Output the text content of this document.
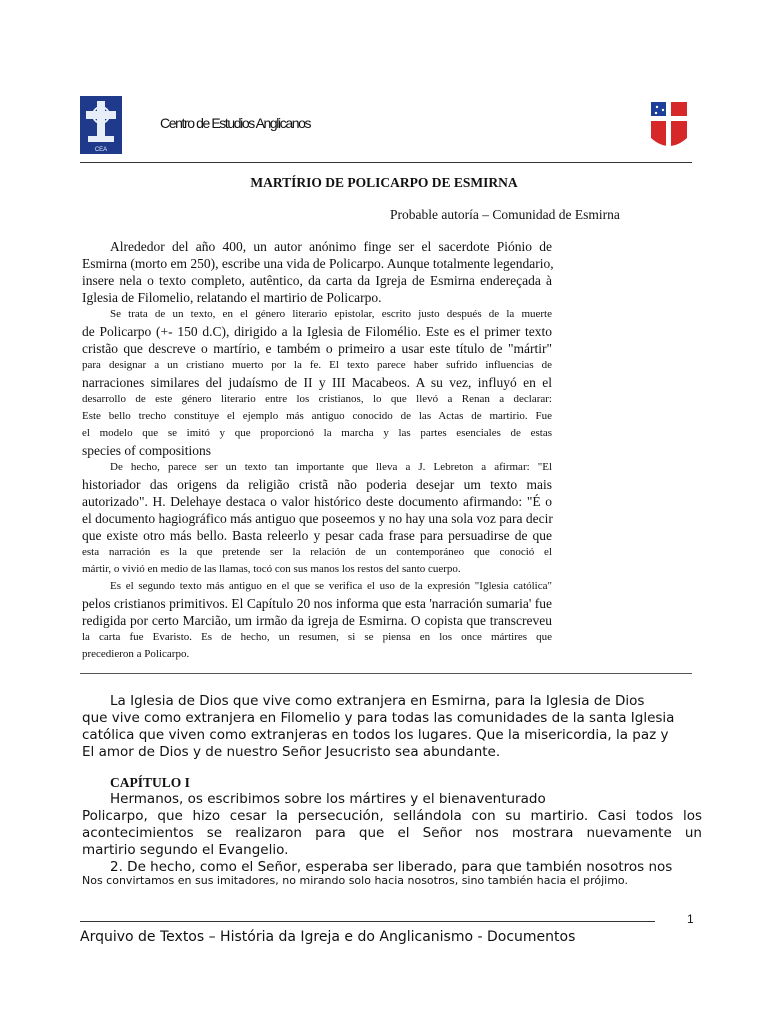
CEA
Centro de Estudios Anglicanos
MARTÍRIO DE POLICARPO DE ESMIRNA
Probable autoría – Comunidad de Esmirna
Alrededor del año 400, un autor anónimo finge ser el sacerdote Piónio de
Esmirna (morto em 250), escribe una vida de Policarpo. Aunque totalmente legendario,
insere nela o texto completo, autêntico, da carta da Igreja de Esmirna endereçada à
Iglesia de Filomelio, relatando el martirio de Policarpo.
Se trata de un texto, en el género literario epistolar, escrito justo después de la muerte
de Policarpo (+- 150 d.C), dirigido a la Iglesia de Filomélio. Este es el primer texto
cristão que descreve o martírio, e também o primeiro a usar este título de "mártir"
para designar a un cristiano muerto por la fe. El texto parece haber sufrido influencias de
narraciones similares del judaísmo de II y III Macabeos. A su vez, influyó en el
desarrollo de este género literario entre los cristianos, lo que llevó a Renan a declarar:
Este bello trecho constituye el ejemplo más antiguo conocido de las Actas de martirio. Fue
el modelo que se imitó y que proporcionó la marcha y las partes esenciales de estas
species of compositions
De hecho, parece ser un texto tan importante que lleva a J. Lebreton a afirmar: "El
historiador das origens da religião cristã não poderia desejar um texto mais
autorizado". H. Delehaye destaca o valor histórico deste documento afirmando: "É o
el documento hagiográfico más antiguo que poseemos y no hay una sola voz para decir
que existe otro más bello. Basta releerlo y pesar cada frase para persuadirse de que
esta narración es la que pretende ser la relación de un contemporáneo que conoció el
mártir, o vivió en medio de las llamas, tocó con sus manos los restos del santo cuerpo.
Es el segundo texto más antiguo en el que se verifica el uso de la expresión "Iglesia católica"
pelos cristianos primitivos. El Capítulo 20 nos informa que esta 'narración sumaria' fue
redigida por certo Marcião, um irmão da igreja de Esmirna. O copista que transcreveu
la carta fue Evaristo. Es de hecho, un resumen, si se piensa en los once mártires que
precedieron a Policarpo.
La Iglesia de Dios que vive como extranjera en Esmirna, para la Iglesia de Dios
que vive como extranjera en Filomelio y para todas las comunidades de la santa Iglesia
católica que viven como extranjeras en todos los lugares. Que la misericordia, la paz y
El amor de Dios y de nuestro Señor Jesucristo sea abundante.
CAPÍTULO I
Hermanos, os escribimos sobre los mártires y el bienaventurado
Policarpo, que hizo cesar la persecución, sellándola con su martirio. Casi todos los
acontecimientos se realizaron para que el Señor nos mostrara nuevamente un
martirio segundo el Evangelio.
2. De hecho, como el Señor, esperaba ser liberado, para que también nosotros nos
Nos convirtamos en sus imitadores, no mirando solo hacia nosotros, sino también hacia el prójimo.
1
Arquivo de Textos – História da Igreja e do Anglicanismo - Documentos
